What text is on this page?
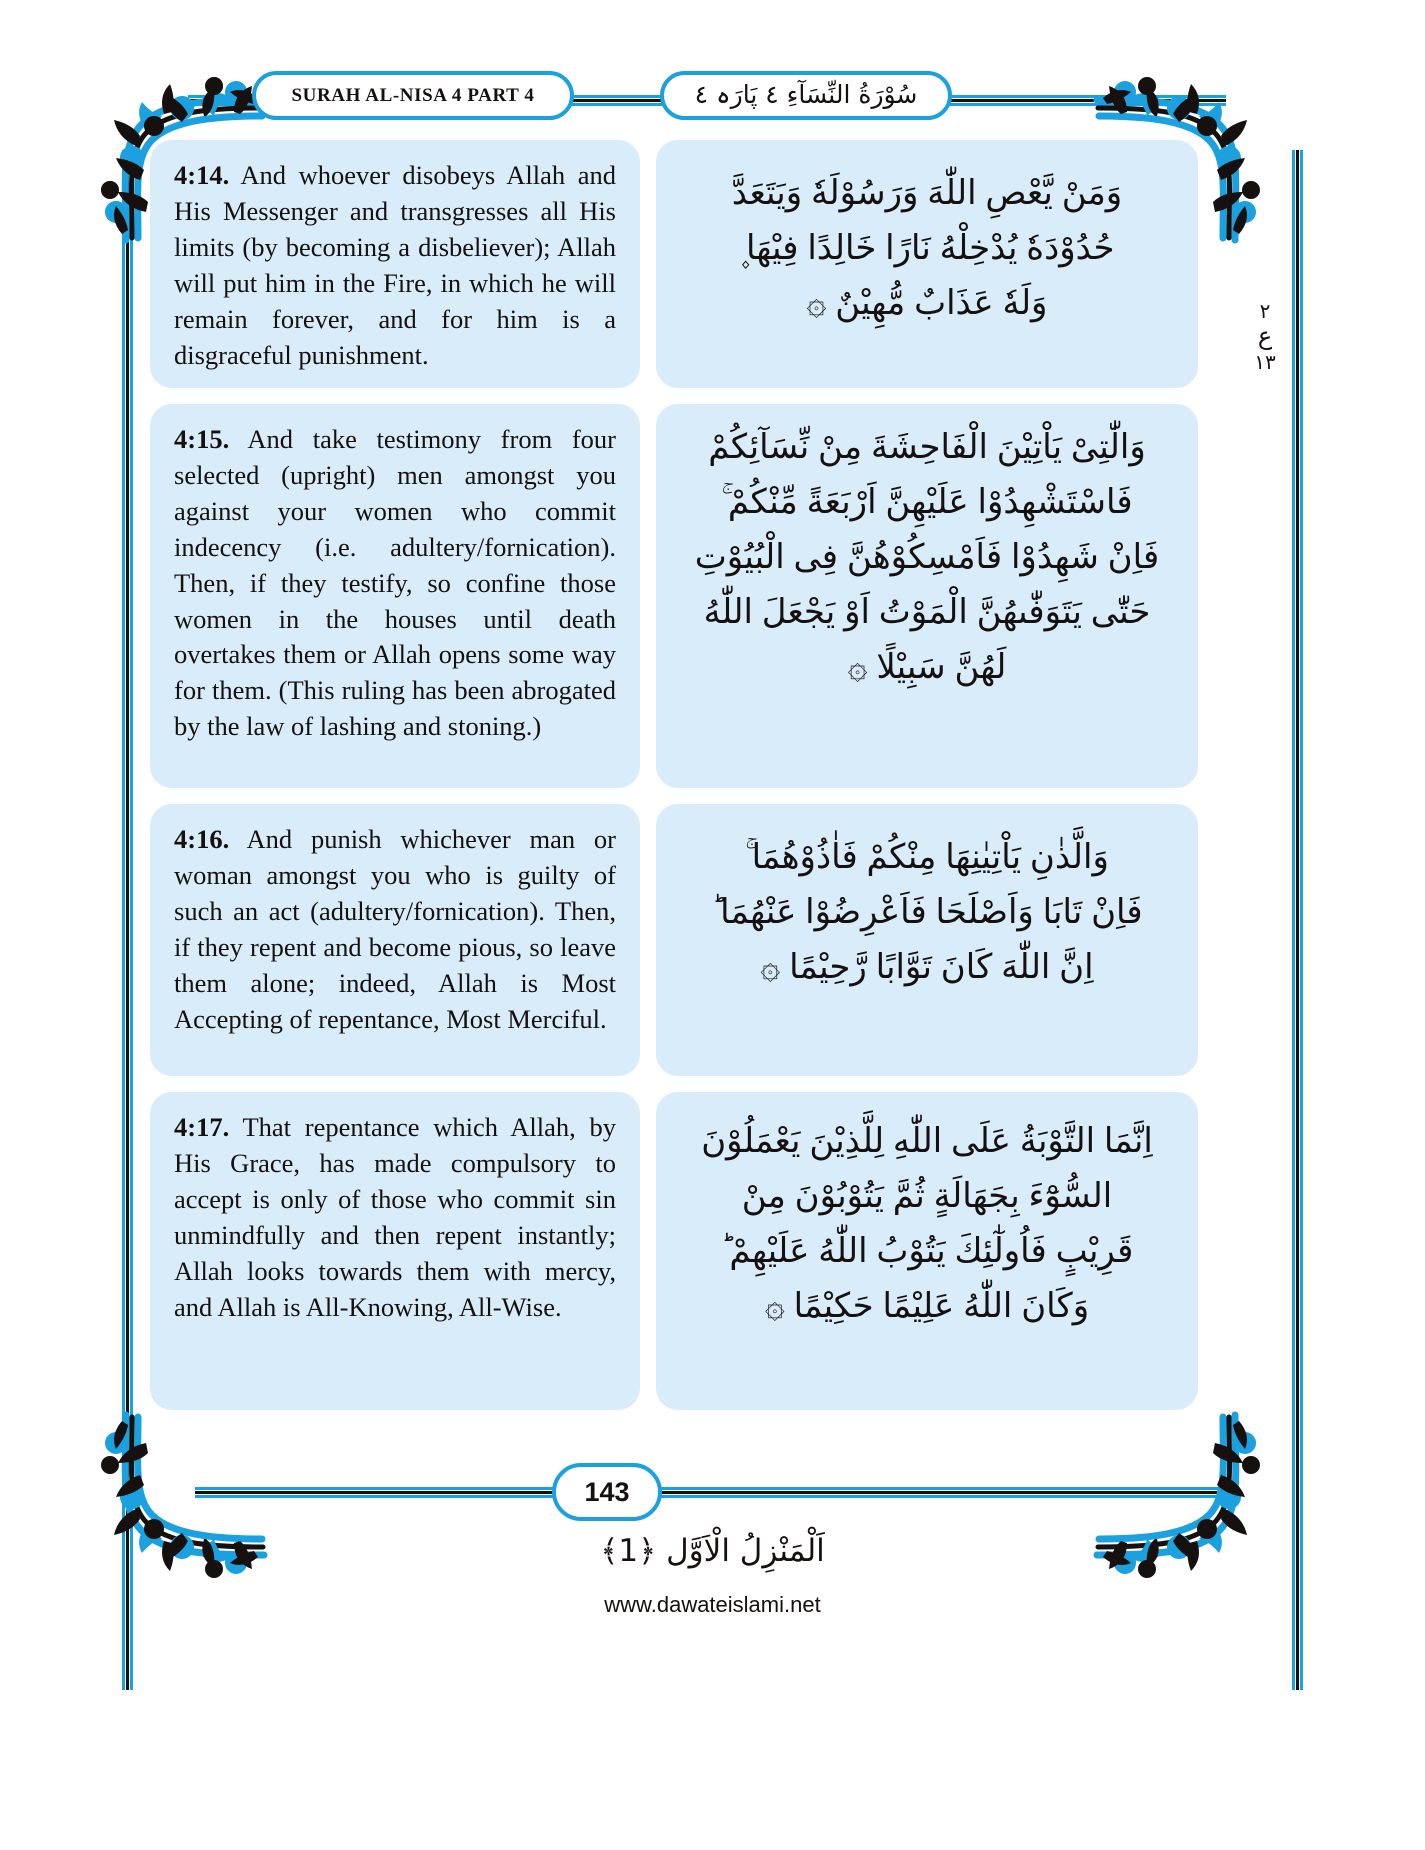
SURAH AL-NISA 4 PART 4	سُوْرَةُ النِّسَآءِ ٤ پَارَہ ٤
4:14. And whoever disobeys Allah and His Messenger and transgresses all His limits (by becoming a disbeliever); Allah will put him in the Fire, in which he will remain forever, and for him is a disgraceful punishment.
وَمَنْ يَّعْصِ اللّٰهَ وَرَسُوْلَهٗ وَيَتَعَدَّ
حُدُوْدَهٗ يُدْخِلْهُ نَارًا خَالِدًا فِيْهَا ۪
وَلَهٗ عَذَابٌ مُّهِيْنٌ ۞
4:15. And take testimony from four selected (upright) men amongst you against your women who commit indecency (i.e. adultery/fornication). Then, if they testify, so confine those women in the houses until death overtakes them or Allah opens some way for them. (This ruling has been abrogated by the law of lashing and stoning.)
وَالّٰتِیْ یَاْتِیْنَ الْفَاحِشَةَ مِنْ نِّسَآئِكُمْ
فَاسْتَشْهِدُوْا عَلَیْهِنَّ اَرْبَعَةً مِّنْكُمْ ۚ
فَاِنْ شَهِدُوْا فَاَمْسِكُوْهُنَّ فِی الْبُیُوْتِ
حَتّٰی یَتَوَفّٰىهُنَّ الْمَوْتُ اَوْ یَجْعَلَ اللّٰهُ
لَهُنَّ سَبِیْلًا ۞
4:16. And punish whichever man or woman amongst you who is guilty of such an act (adultery/fornication). Then, if they repent and become pious, so leave them alone; indeed, Allah is Most Accepting of repentance, Most Merciful.
وَالَّذٰنِ یَاْتِیٰنِهَا مِنْكُمْ فَاٰذُوْهُمَا ۚ
فَاِنْ تَابَا وَاَصْلَحَا فَاَعْرِضُوْا عَنْهُمَا ؕ
اِنَّ اللّٰهَ كَانَ تَوَّابًا رَّحِیْمًا ۞
4:17. That repentance which Allah, by His Grace, has made compulsory to accept is only of those who commit sin unmindfully and then repent instantly; Allah looks towards them with mercy, and Allah is All-Knowing, All-Wise.
اِنَّمَا التَّوْبَةُ عَلَی اللّٰهِ لِلَّذِیْنَ یَعْمَلُوْنَ
السُّوْٓءَ بِجَهَالَةٍ ثُمَّ یَتُوْبُوْنَ مِنْ
قَرِیْبٍ فَاُولٰٓئِكَ یَتُوْبُ اللّٰهُ عَلَیْهِمْ ؕ
وَكَانَ اللّٰهُ عَلِیْمًا حَكِیْمًا ۞
٢
ع
١٣
143
اَلْمَنْزِلُ الْاَوَّل ﴿1﴾
www.dawateislami.net
